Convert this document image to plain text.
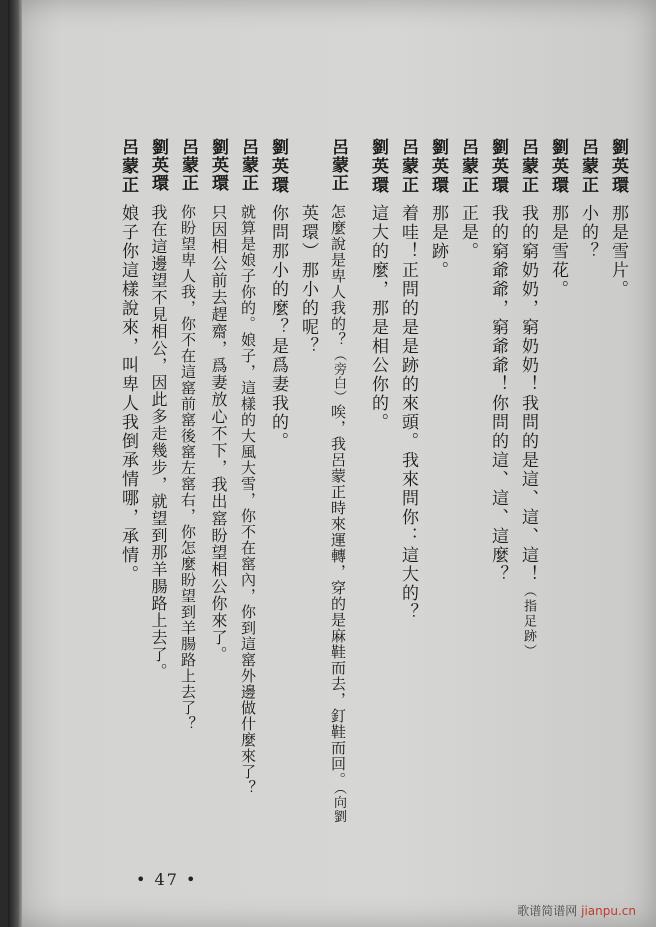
劉英環那是雪片。
呂蒙正小的？
劉英環那是雪花。
呂蒙正我的窮奶奶，窮奶奶！我問的是這、這、這！（指足跡）
劉英環我的窮爺爺，窮爺爺！你問的這、這、這麼？
呂蒙正正是。
劉英環那是跡。
呂蒙正着哇！正問的是是跡的來頭。我來問你：這大的？
劉英環這大的麼，那是相公你的。
呂蒙正怎麼說是卑人我的？（旁白）唉，我呂蒙正時來運轉，穿的是麻鞋而去，釘鞋而回。（向劉
英環）那小的呢？
劉英環你問那小的麼？是爲妻我的。
呂蒙正就算是娘子你的。娘子，這樣的大風大雪，你不在窰內，你到這窰外邊做什麼來了？
劉英環只因相公前去趕齋，爲妻放心不下，我出窰盼望相公你來了。
呂蒙正你盼望卑人我，你不在這窰前窰後窰左窰右，你怎麼盼望到羊腸路上去了？
劉英環我在這邊望不見相公，因此多走幾步，就望到那羊腸路上去了。
呂蒙正娘子你這樣說來，叫卑人我倒承情哪，承情。
• 47 •
歌谱简谱网 jianpu.cn
